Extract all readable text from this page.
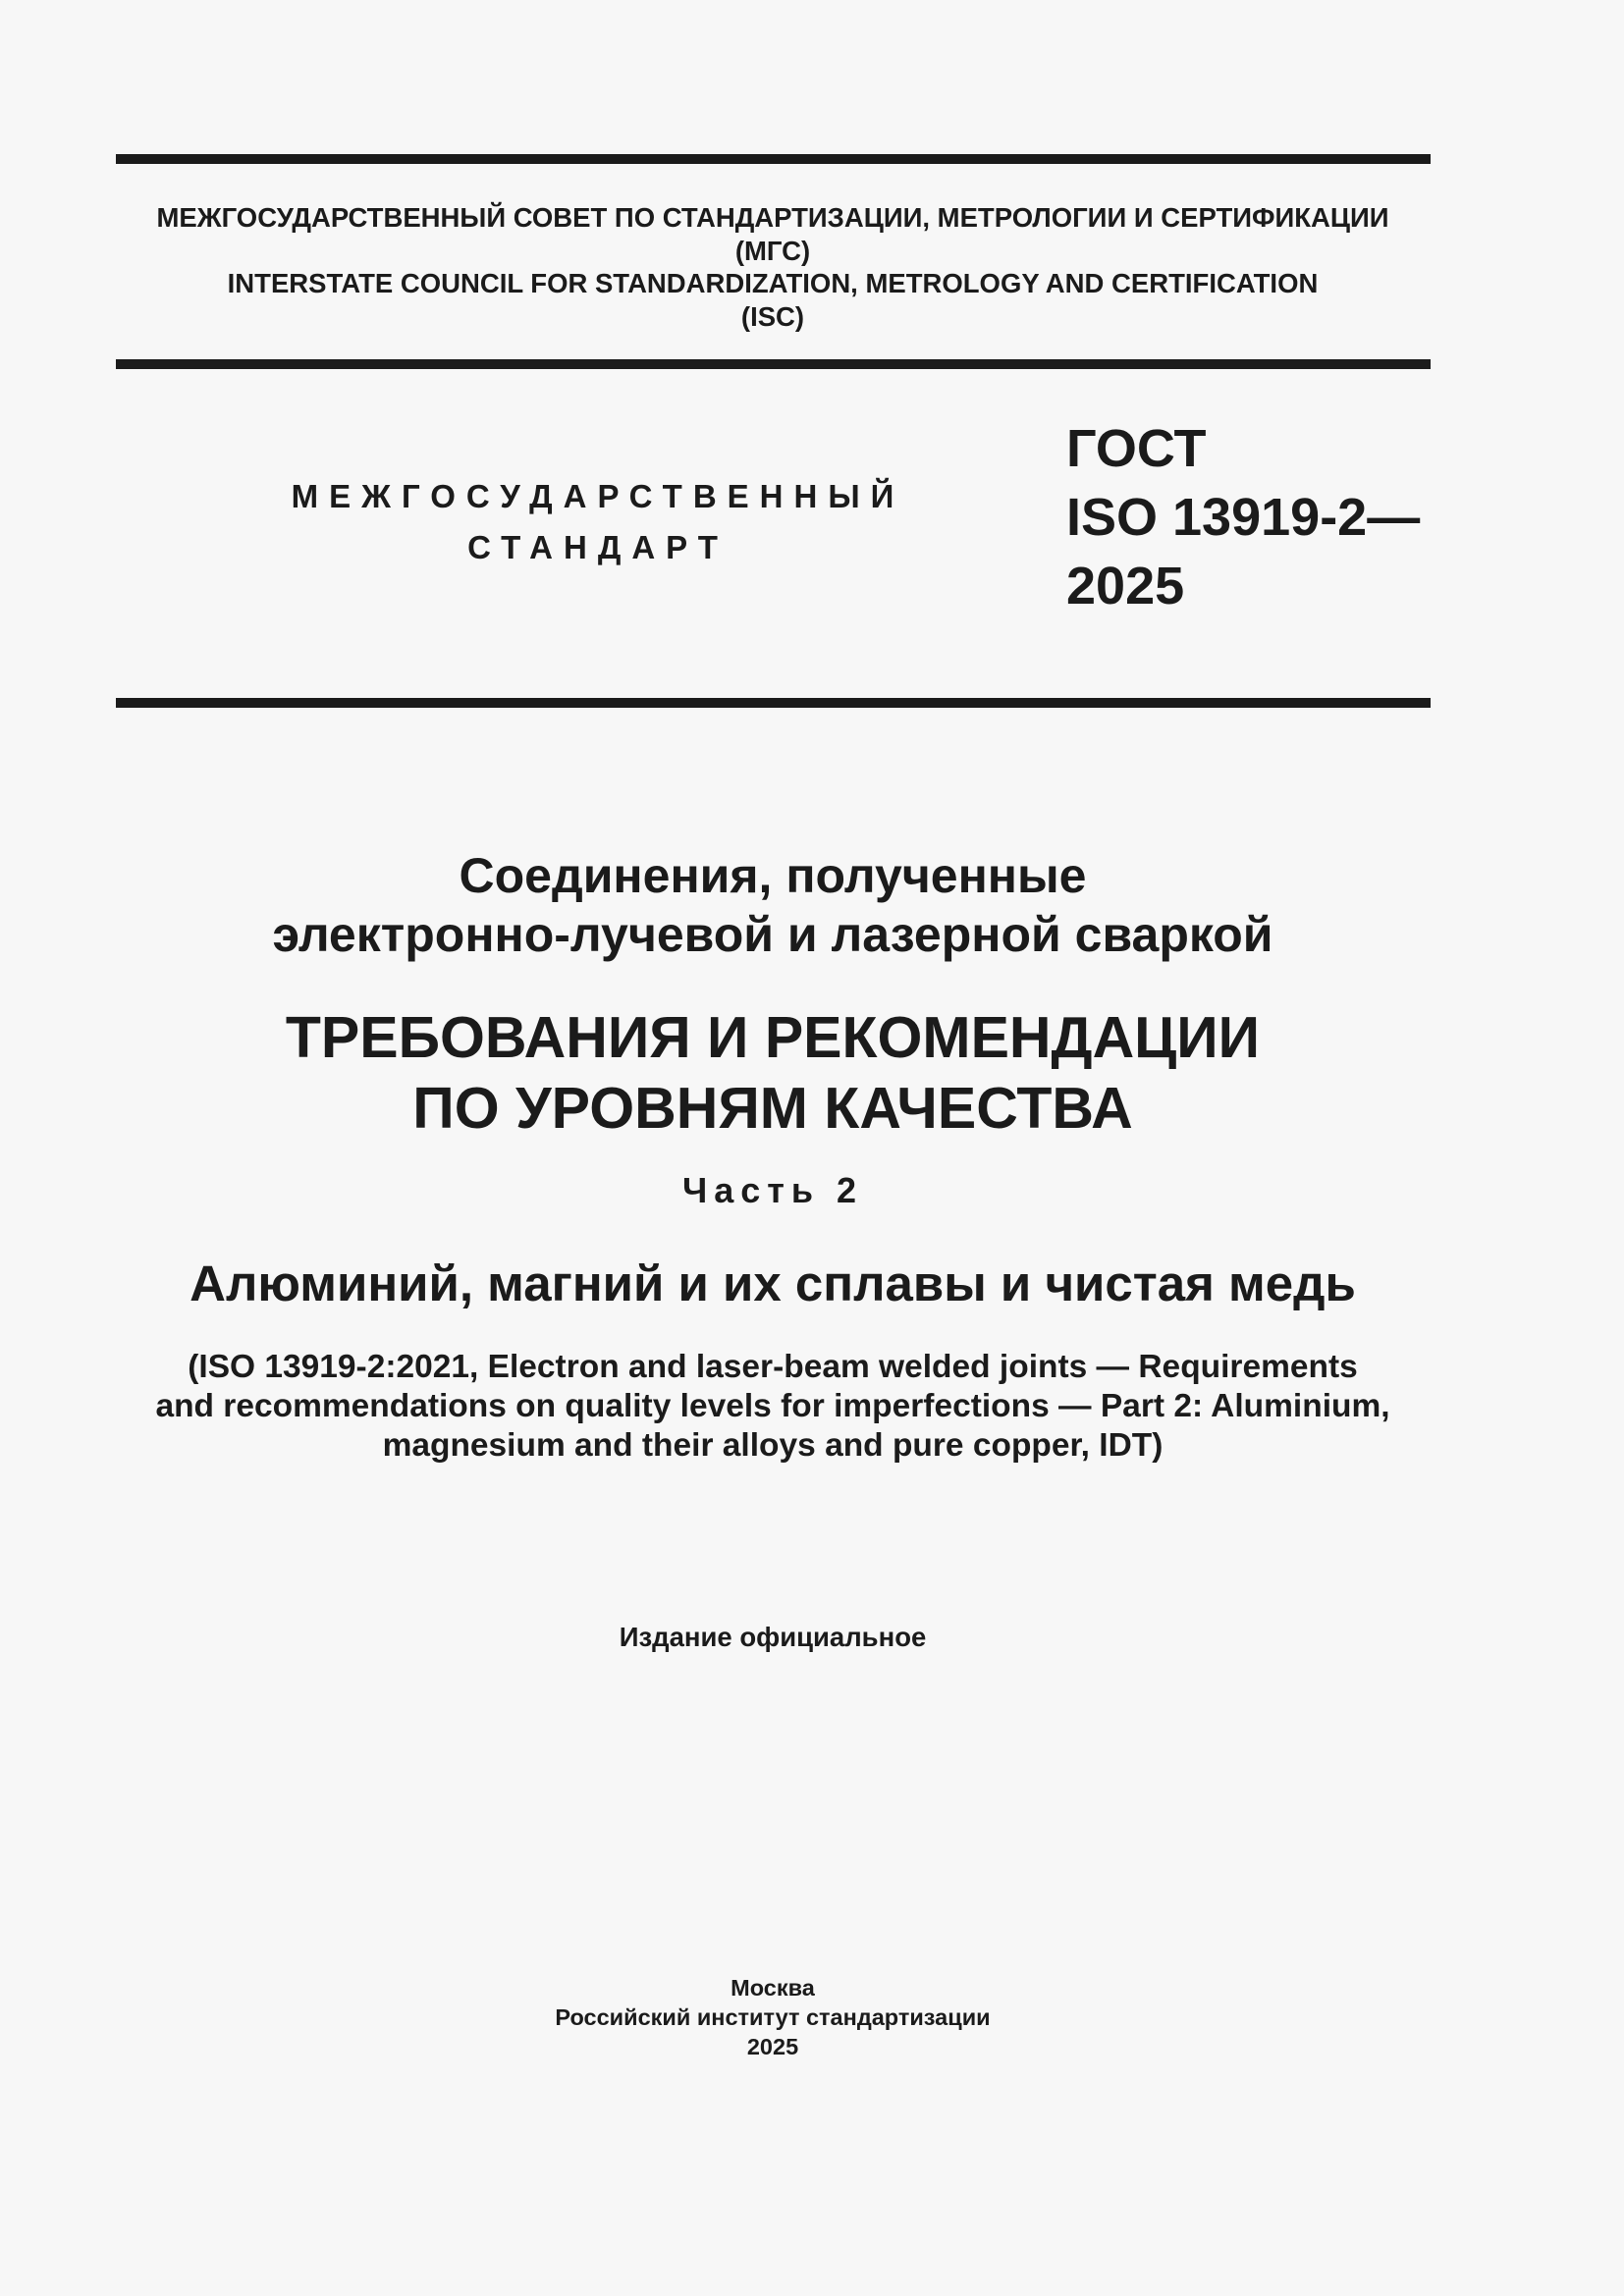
МЕЖГОСУДАРСТВЕННЫЙ СОВЕТ ПО СТАНДАРТИЗАЦИИ, МЕТРОЛОГИИ И СЕРТИФИКАЦИИ
(МГС)
INTERSTATE COUNCIL FOR STANDARDIZATION, METROLOGY AND CERTIFICATION
(ISC)
МЕЖГОСУДАРСТВЕННЫЙ
СТАНДАРТ
ГОСТ
ISO 13919-2—
2025
Соединения, полученные
электронно-лучевой и лазерной сваркой
ТРЕБОВАНИЯ И РЕКОМЕНДАЦИИ
ПО УРОВНЯМ КАЧЕСТВА
Часть 2
Алюминий, магний и их сплавы и чистая медь
(ISO 13919-2:2021, Electron and laser-beam welded joints — Requirements
and recommendations on quality levels for imperfections — Part 2: Aluminium,
magnesium and their alloys and pure copper, IDT)
Издание официальное
Москва
Российский институт стандартизации
2025
